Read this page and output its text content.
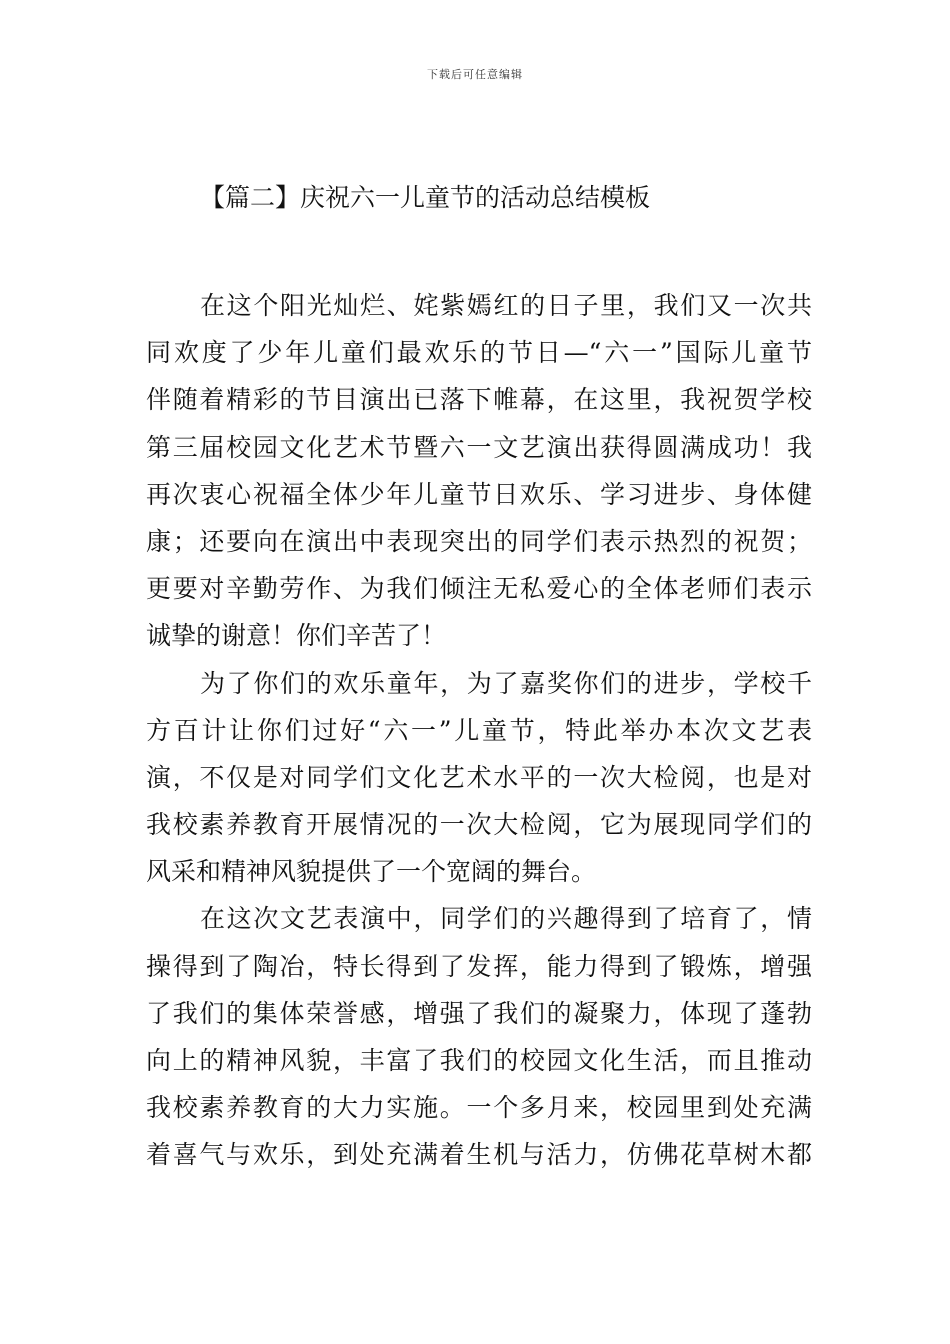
下载后可任意编辑
【篇二】庆祝六一儿童节的活动总结模板
在这个阳光灿烂、姹紫嫣红的日子里，我们又一次共
同欢度了少年儿童们最欢乐的节日—“六一”国际儿童节
伴随着精彩的节目演出已落下帷幕，在这里，我祝贺学校
第三届校园文化艺术节暨六一文艺演出获得圆满成功！我
再次衷心祝福全体少年儿童节日欢乐、学习进步、身体健
康；还要向在演出中表现突出的同学们表示热烈的祝贺；
更要对辛勤劳作、为我们倾注无私爱心的全体老师们表示
诚挚的谢意！你们辛苦了！
为了你们的欢乐童年，为了嘉奖你们的进步，学校千
方百计让你们过好“六一”儿童节，特此举办本次文艺表
演，不仅是对同学们文化艺术水平的一次大检阅，也是对
我校素养教育开展情况的一次大检阅，它为展现同学们的
风采和精神风貌提供了一个宽阔的舞台。
在这次文艺表演中，同学们的兴趣得到了培育了，情
操得到了陶冶，特长得到了发挥，能力得到了锻炼，增强
了我们的集体荣誉感，增强了我们的凝聚力，体现了蓬勃
向上的精神风貌，丰富了我们的校园文化生活，而且推动
我校素养教育的大力实施。一个多月来，校园里到处充满
着喜气与欢乐，到处充满着生机与活力，仿佛花草树木都
